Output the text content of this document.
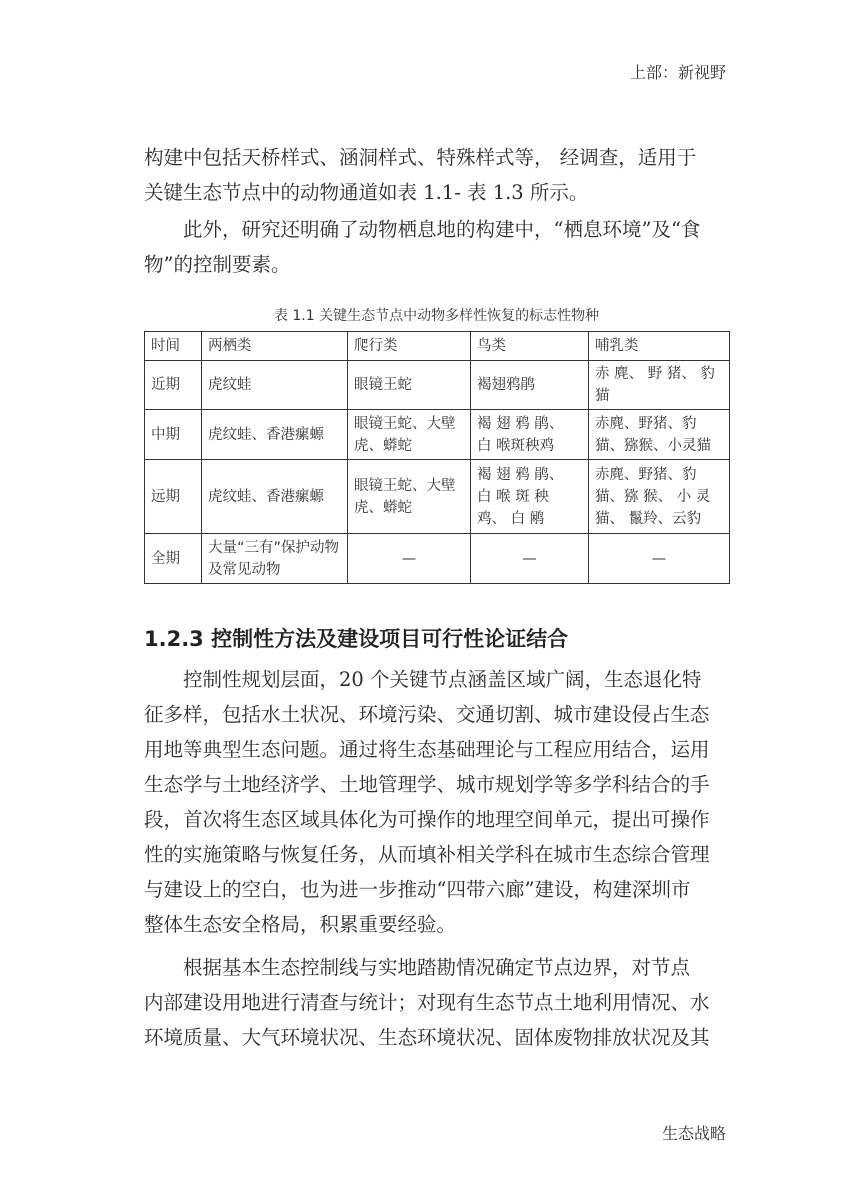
上部：新视野
构建中包括天桥样式、涵洞样式、特殊样式等， 经调查，适用于
关键生态节点中的动物通道如表 1.1- 表 1.3 所示。
此外，研究还明确了动物栖息地的构建中，“栖息环境”及“食
物”的控制要素。
表 1.1 关键生态节点中动物多样性恢复的标志性物种
时间	两栖类	爬行类	鸟类	哺乳类
近期	虎纹蛙	眼镜王蛇	褐翅鸦鹃	赤 麂、 野 猪、 豹猫
中期	虎纹蛙、香港瘰螈	眼镜王蛇、大壁虎、蟒蛇	褐 翅 鸦 鹃、 白 喉斑秧鸡	赤麂、野猪、豹猫、猕猴、小灵猫
远期	虎纹蛙、香港瘰螈	眼镜王蛇、大壁虎、蟒蛇	褐 翅 鸦 鹃、 白 喉 斑 秧 鸡、 白 鹇	赤麂、野猪、豹猫、猕 猴、 小 灵 猫、 鬣羚、云豹
全期	大量“三有”保护动物及常见动物	—	—	—
1.2.3 控制性方法及建设项目可行性论证结合
控制性规划层面，20 个关键节点涵盖区域广阔，生态退化特
征多样，包括水土状况、环境污染、交通切割、城市建设侵占生态
用地等典型生态问题。通过将生态基础理论与工程应用结合，运用
生态学与土地经济学、土地管理学、城市规划学等多学科结合的手
段，首次将生态区域具体化为可操作的地理空间单元，提出可操作
性的实施策略与恢复任务，从而填补相关学科在城市生态综合管理
与建设上的空白，也为进一步推动“四带六廊”建设，构建深圳市
整体生态安全格局，积累重要经验。
根据基本生态控制线与实地踏勘情况确定节点边界，对节点
内部建设用地进行清查与统计；对现有生态节点土地利用情况、水
环境质量、大气环境状况、生态环境状况、固体废物排放状况及其
生态战略
